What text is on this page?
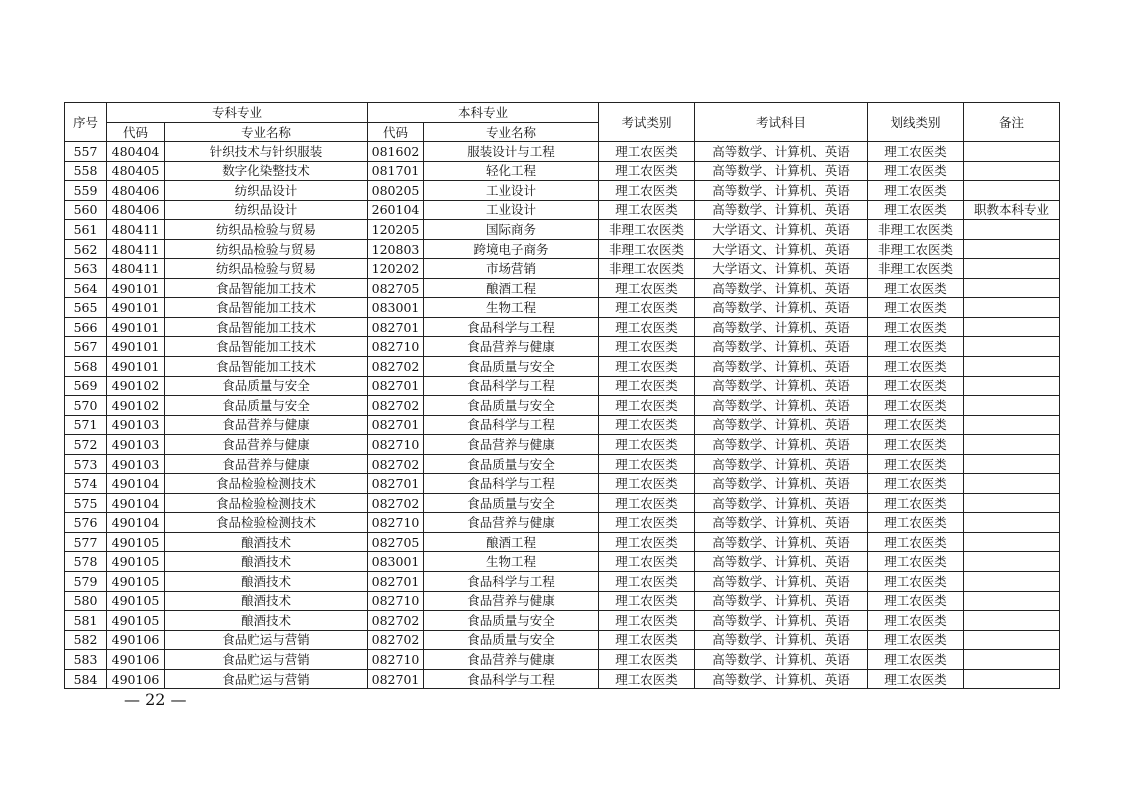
序号	专科专业		本科专业		考试类别	考试科目	划线类别	备注
	代码	专业名称	代码	专业名称				
557	480404	针织技术与针织服装	081602	服装设计与工程	理工农医类	高等数学、计算机、英语	理工农医类	
558	480405	数字化染整技术	081701	轻化工程	理工农医类	高等数学、计算机、英语	理工农医类	
559	480406	纺织品设计	080205	工业设计	理工农医类	高等数学、计算机、英语	理工农医类	
560	480406	纺织品设计	260104	工业设计	理工农医类	高等数学、计算机、英语	理工农医类	职教本科专业
561	480411	纺织品检验与贸易	120205	国际商务	非理工农医类	大学语文、计算机、英语	非理工农医类	
562	480411	纺织品检验与贸易	120803	跨境电子商务	非理工农医类	大学语文、计算机、英语	非理工农医类	
563	480411	纺织品检验与贸易	120202	市场营销	非理工农医类	大学语文、计算机、英语	非理工农医类	
564	490101	食品智能加工技术	082705	酿酒工程	理工农医类	高等数学、计算机、英语	理工农医类	
565	490101	食品智能加工技术	083001	生物工程	理工农医类	高等数学、计算机、英语	理工农医类	
566	490101	食品智能加工技术	082701	食品科学与工程	理工农医类	高等数学、计算机、英语	理工农医类	
567	490101	食品智能加工技术	082710	食品营养与健康	理工农医类	高等数学、计算机、英语	理工农医类	
568	490101	食品智能加工技术	082702	食品质量与安全	理工农医类	高等数学、计算机、英语	理工农医类	
569	490102	食品质量与安全	082701	食品科学与工程	理工农医类	高等数学、计算机、英语	理工农医类	
570	490102	食品质量与安全	082702	食品质量与安全	理工农医类	高等数学、计算机、英语	理工农医类	
571	490103	食品营养与健康	082701	食品科学与工程	理工农医类	高等数学、计算机、英语	理工农医类	
572	490103	食品营养与健康	082710	食品营养与健康	理工农医类	高等数学、计算机、英语	理工农医类	
573	490103	食品营养与健康	082702	食品质量与安全	理工农医类	高等数学、计算机、英语	理工农医类	
574	490104	食品检验检测技术	082701	食品科学与工程	理工农医类	高等数学、计算机、英语	理工农医类	
575	490104	食品检验检测技术	082702	食品质量与安全	理工农医类	高等数学、计算机、英语	理工农医类	
576	490104	食品检验检测技术	082710	食品营养与健康	理工农医类	高等数学、计算机、英语	理工农医类	
577	490105	酿酒技术	082705	酿酒工程	理工农医类	高等数学、计算机、英语	理工农医类	
578	490105	酿酒技术	083001	生物工程	理工农医类	高等数学、计算机、英语	理工农医类	
579	490105	酿酒技术	082701	食品科学与工程	理工农医类	高等数学、计算机、英语	理工农医类	
580	490105	酿酒技术	082710	食品营养与健康	理工农医类	高等数学、计算机、英语	理工农医类	
581	490105	酿酒技术	082702	食品质量与安全	理工农医类	高等数学、计算机、英语	理工农医类	
582	490106	食品贮运与营销	082702	食品质量与安全	理工农医类	高等数学、计算机、英语	理工农医类	
583	490106	食品贮运与营销	082710	食品营养与健康	理工农医类	高等数学、计算机、英语	理工农医类	
584	490106	食品贮运与营销	082701	食品科学与工程	理工农医类	高等数学、计算机、英语	理工农医类	
— 22 —
